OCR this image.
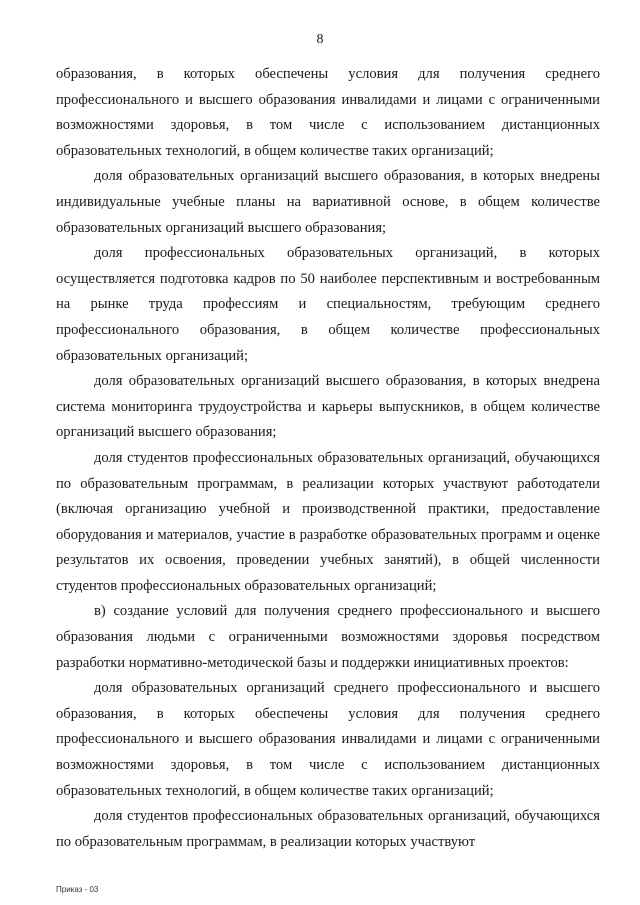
8

образования, в которых обеспечены условия для получения среднего профессионального и высшего образования инвалидами и лицами с ограниченными возможностями здоровья, в том числе с использованием дистанционных образовательных технологий, в общем количестве таких организаций;

доля образовательных организаций высшего образования, в которых внедрены индивидуальные учебные планы на вариативной основе, в общем количестве образовательных организаций высшего образования;

доля профессиональных образовательных организаций, в которых осуществляется подготовка кадров по 50 наиболее перспективным и востребованным на рынке труда профессиям и специальностям, требующим среднего профессионального образования, в общем количестве профессиональных образовательных организаций;

доля образовательных организаций высшего образования, в которых внедрена система мониторинга трудоустройства и карьеры выпускников, в общем количестве организаций высшего образования;

доля студентов профессиональных образовательных организаций, обучающихся по образовательным программам, в реализации которых участвуют работодатели (включая организацию учебной и производственной практики, предоставление оборудования и материалов, участие в разработке образовательных программ и оценке результатов их освоения, проведении учебных занятий), в общей численности студентов профессиональных образовательных организаций;

в) создание условий для получения среднего профессионального и высшего образования людьми с ограниченными возможностями здоровья посредством разработки нормативно-методической базы и поддержки инициативных проектов:

доля образовательных организаций среднего профессионального и высшего образования, в которых обеспечены условия для получения среднего профессионального и высшего образования инвалидами и лицами с ограниченными возможностями здоровья, в том числе с использованием дистанционных образовательных технологий, в общем количестве таких организаций;

доля студентов профессиональных образовательных организаций, обучающихся по образовательным программам, в реализации которых участвуют

Приказ - 03
